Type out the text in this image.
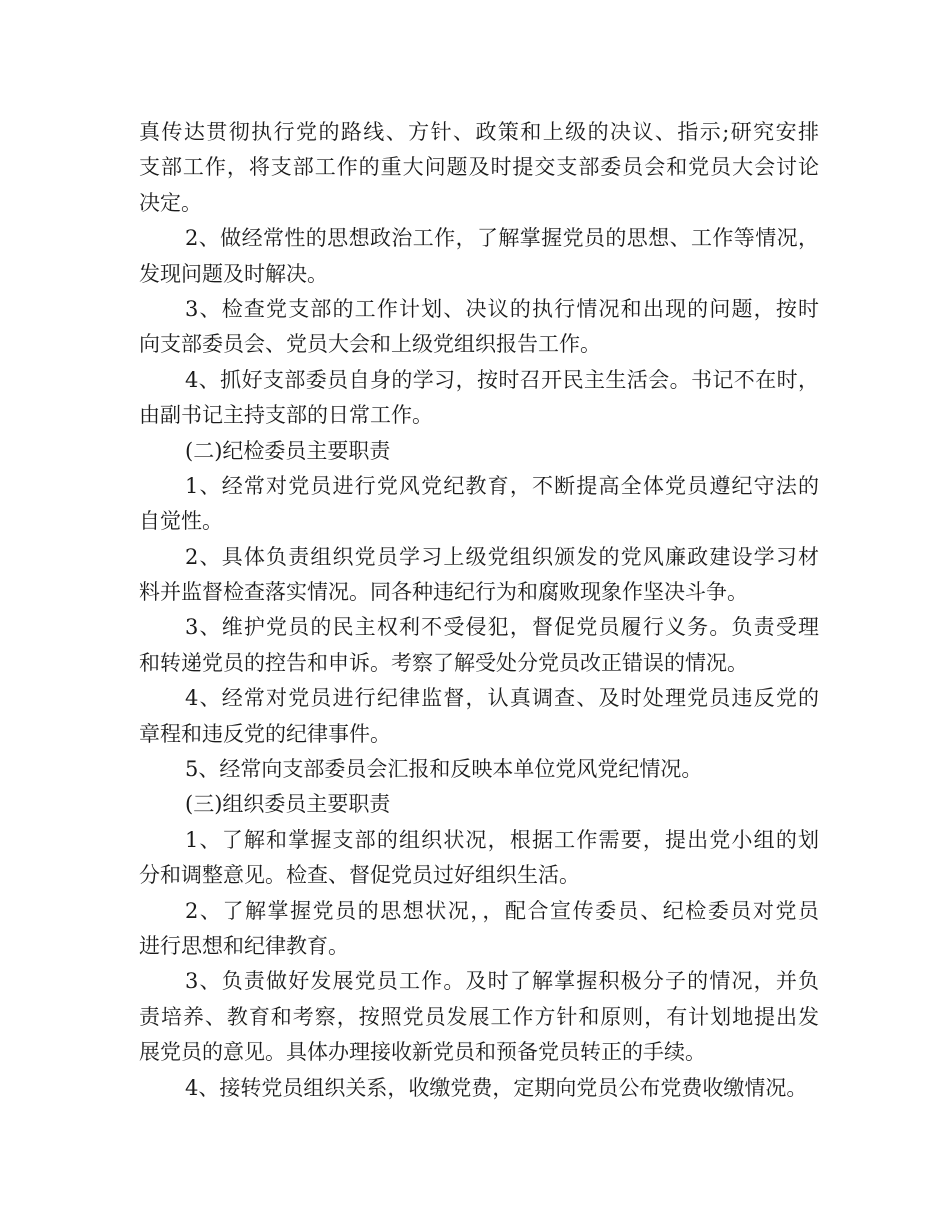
真传达贯彻执行党的路线、方针、政策和上级的决议、指示;研究安排
支部工作，将支部工作的重大问题及时提交支部委员会和党员大会讨论
决定。
2、做经常性的思想政治工作，了解掌握党员的思想、工作等情况，
发现问题及时解决。
3、检查党支部的工作计划、决议的执行情况和出现的问题，按时
向支部委员会、党员大会和上级党组织报告工作。
4、抓好支部委员自身的学习，按时召开民主生活会。书记不在时，
由副书记主持支部的日常工作。
(二)纪检委员主要职责
1、经常对党员进行党风党纪教育，不断提高全体党员遵纪守法的
自觉性。
2、具体负责组织党员学习上级党组织颁发的党风廉政建设学习材
料并监督检查落实情况。同各种违纪行为和腐败现象作坚决斗争。
3、维护党员的民主权利不受侵犯，督促党员履行义务。负责受理
和转递党员的控告和申诉。考察了解受处分党员改正错误的情况。
4、经常对党员进行纪律监督，认真调查、及时处理党员违反党的
章程和违反党的纪律事件。
5、经常向支部委员会汇报和反映本单位党风党纪情况。
(三)组织委员主要职责
1、了解和掌握支部的组织状况，根据工作需要，提出党小组的划
分和调整意见。检查、督促党员过好组织生活。
2、了解掌握党员的思想状况，，配合宣传委员、纪检委员对党员
进行思想和纪律教育。
3、负责做好发展党员工作。及时了解掌握积极分子的情况，并负
责培养、教育和考察，按照党员发展工作方针和原则，有计划地提出发
展党员的意见。具体办理接收新党员和预备党员转正的手续。
4、接转党员组织关系，收缴党费，定期向党员公布党费收缴情况。
